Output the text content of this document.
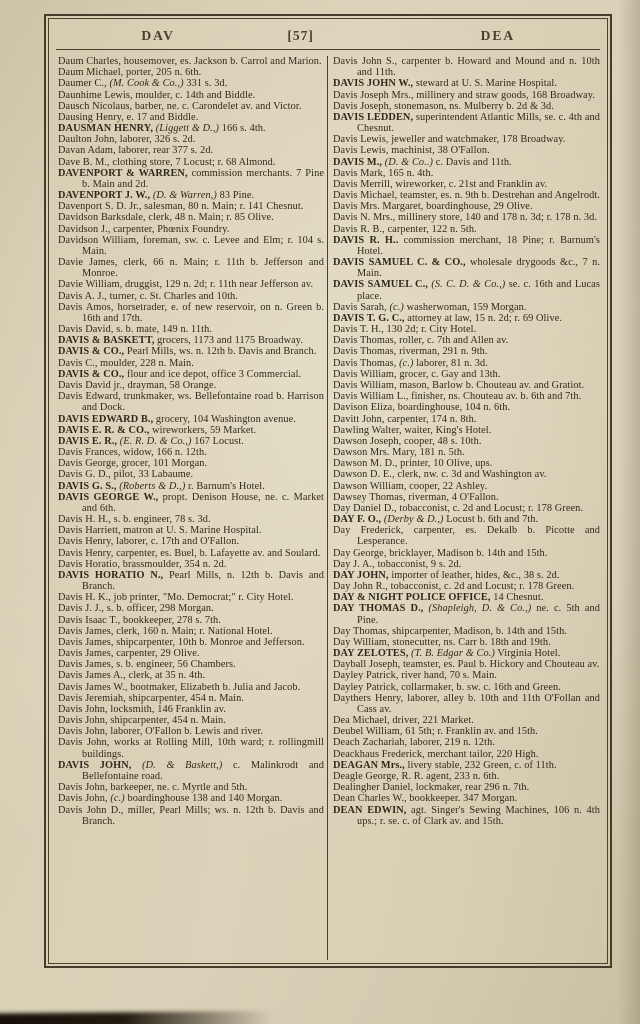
DAV	[57]	DEA
Daum Charles, housemover, es. Jackson b. Carrol and Marion.
Daum Michael, porter, 205 n. 6th.
Daumer C., (M. Cook & Co.,) 331 s. 3d.
Daunhime Lewis, moulder, c. 14th and Biddle.
Dausch Nicolaus, barber, ne. c. Carondelet av. and Victor.
Dausing Henry, e. 17 and Biddle.
DAUSMAN HENRY, (Liggett & D.,) 166 s. 4th.
Daulton John, laborer, 326 s. 2d.
Davan Adam, laborer, rear 377 s. 2d.
Dave B. M., clothing store, 7 Locust; r. 68 Almond.
DAVENPORT & WARREN, commission merchants. 7 Pine b. Main and 2d.
DAVENPORT J. W., (D. & Warren,) 83 Pine.
Davenport S. D. Jr., salesman, 80 n. Main; r. 141 Chesnut.
Davidson Barksdale, clerk, 48 n. Main; r. 85 Olive.
Davidson J., carpenter, Phœnix Foundry.
Davidson William, foreman, sw. c. Levee and Elm; r. 104 s. Main.
Davie James, clerk, 66 n. Main; r. 11th b. Jefferson and Monroe.
Davie William, druggist, 129 n. 2d; r. 11th near Jefferson av.
Davis A. J., turner, c. St. Charles and 10th.
Davis Amos, horsetrader, e. of new reservoir, on n. Green b. 16th and 17th.
Davis David, s. b. mate, 149 n. 11th.
DAVIS & BASKETT, grocers, 1173 and 1175 Broadway.
DAVIS & CO., Pearl Mills, ws. n. 12th b. Davis and Branch.
Davis C., moulder, 228 n. Main.
DAVIS & CO., flour and ice depot, office 3 Commercial.
Davis David jr., drayman, 58 Orange.
Davis Edward, trunkmaker, ws. Bellefontaine road b. Harrison and Dock.
DAVIS EDWARD B., grocery, 104 Washington avenue.
DAVIS E. R. & CO., wireworkers, 59 Market.
DAVIS E. R., (E. R. D. & Co.,) 167 Locust.
Davis Frances, widow, 166 n. 12th.
Davis George, grocer, 101 Morgan.
Davis G. D., pilot, 33 Labaume.
DAVIS G. S., (Roberts & D.,) r. Barnum's Hotel.
DAVIS GEORGE W., propt. Denison House, ne. c. Market and 6th.
Davis H. H., s. b. engineer, 78 s. 3d.
Davis Harriett, matron at U. S. Marine Hospital.
Davis Henry, laborer, c. 17th and O'Fallon.
Davis Henry, carpenter, es. Buel, b. Lafayette av. and Soulard.
Davis Horatio, brassmoulder, 354 n. 2d.
DAVIS HORATIO N., Pearl Mills, n. 12th b. Davis and Branch.
Davis H. K., job printer, "Mo. Democrat;" r. City Hotel.
Davis J. J., s. b. officer, 298 Morgan.
Davis Isaac T., bookkeeper, 278 s. 7th.
Davis James, clerk, 160 n. Main; r. National Hotel.
Davis James, shipcarpenter, 10th b. Monroe and Jefferson.
Davis James, carpenter, 29 Olive.
Davis James, s. b. engineer, 56 Chambers.
Davis James A., clerk, at 35 n. 4th.
Davis James W., bootmaker, Elizabeth b. Julia and Jacob.
Davis Jeremiah, shipcarpenter, 454 n. Main.
Davis John, locksmith, 146 Franklin av.
Davis John, shipcarpenter, 454 n. Main.
Davis John, laborer, O'Fallon b. Lewis and river.
Davis John, works at Rolling Mill, 10th ward; r. rollingmill buildings.
DAVIS JOHN, (D. & Baskett,) c. Malinkrodt and Bellefontaine road.
Davis John, barkeeper, ne. c. Myrtle and 5th.
Davis John, (c.) boardinghouse 138 and 140 Morgan.
Davis John D., miller, Pearl Mills; ws. n. 12th b. Davis and Branch.
Davis John S., carpenter b. Howard and Mound and n. 10th and 11th.
DAVIS JOHN W., steward at U. S. Marine Hospital.
Davis Joseph Mrs., millinery and straw goods, 168 Broadway.
Davis Joseph, stonemason, ns. Mulberry b. 2d & 3d.
DAVIS LEDDEN, superintendent Atlantic Mills, se. c. 4th and Chesnut.
Davis Lewis, jeweller and watchmaker, 178 Broadway.
Davis Lewis, machinist, 38 O'Fallon.
DAVIS M., (D. & Co..) c. Davis and 11th.
Davis Mark, 165 n. 4th.
Davis Merrill, wireworker, c. 21st and Franklin av.
Davis Michael, teamster, es. n. 9th b. Destrehan and Angelrodt.
Davis Mrs. Margaret, boardinghouse, 29 Olive.
Davis N. Mrs., millinery store, 140 and 178 n. 3d; r. 178 n. 3d.
Davis R. B., carpenter, 122 n. 5th.
DAVIS R. H.. commission merchant, 18 Pine; r. Barnum's Hotel.
DAVIS SAMUEL C. & CO., wholesale drygoods &c., 7 n. Main.
DAVIS SAMUEL C., (S. C. D. & Co.,) se. c. 16th and Lucas place.
Davis Sarah, (c.) washerwoman, 159 Morgan.
DAVIS T. G. C., attorney at law, 15 n. 2d; r. 69 Olive.
Davis T. H., 130 2d; r. City Hotel.
Davis Thomas, roller, c. 7th and Allen av.
Davis Thomas, riverman, 291 n. 9th.
Davis Thomas, (c.) laborer, 81 n. 3d.
Davis William, grocer, c. Gay and 13th.
Davis William, mason, Barlow b. Chouteau av. and Gratiot.
Davis William L., finisher, ns. Chouteau av. b. 6th and 7th.
Davison Eliza, boardinghouse, 104 n. 6th.
Davitt John, carpenter, 174 n. 8th.
Dawling Walter, waiter, King's Hotel.
Dawson Joseph, cooper, 48 s. 10th.
Dawson Mrs. Mary, 181 n. 5th.
Dawson M. D., printer, 10 Olive, ups.
Dawson D. E., clerk, nw. c. 3d and Washington av.
Dawson William, cooper, 22 Ashley.
Dawsey Thomas, riverman, 4 O'Fallon.
Day Daniel D., tobacconist, c. 2d and Locust; r. 178 Green.
DAY F. O., (Derby & D.,) Locust b. 6th and 7th.
Day Frederick, carpenter, es. Dekalb b. Picotte and Lesperance.
Day George, bricklayer, Madison b. 14th and 15th.
Day J. A., tobacconist, 9 s. 2d.
DAY JOHN, importer of leather, hides, &c., 38 s. 2d.
Day John R., tobacconist, c. 2d and Locust; r. 178 Green.
DAY & NIGHT POLICE OFFICE, 14 Chesnut.
DAY THOMAS D., (Shapleigh, D. & Co.,) ne. c. 5th and Pine.
Day Thomas, shipcarpenter, Madison, b. 14th and 15th.
Day William, stonecutter, ns. Carr b. 18th and 19th.
DAY ZELOTES, (T. B. Edgar & Co.) Virginia Hotel.
Dayball Joseph, teamster, es. Paul b. Hickory and Chouteau av.
Dayley Patrick, river hand, 70 s. Main.
Dayley Patrick, collarmaker, b. sw. c. 16th and Green.
Daythers Henry, laborer, alley b. 10th and 11th O'Follan and Cass av.
Dea Michael, driver, 221 Market.
Deubel William, 61 5th; r. Franklin av. and 15th.
Deach Zachariah, laborer, 219 n. 12th.
Deackhaus Frederick, merchant tailor, 220 High.
DEAGAN Mrs., livery stable, 232 Green, c. of 11th.
Deagle George, R. R. agent, 233 n. 6th.
Dealingher Daniel, lockmaker, rear 296 n. 7th.
Dean Charles W., bookkeeper. 347 Morgan.
DEAN EDWIN, agt. Singer's Sewing Machines, 106 n. 4th ups.; r. se. c. of Clark av. and 15th.
